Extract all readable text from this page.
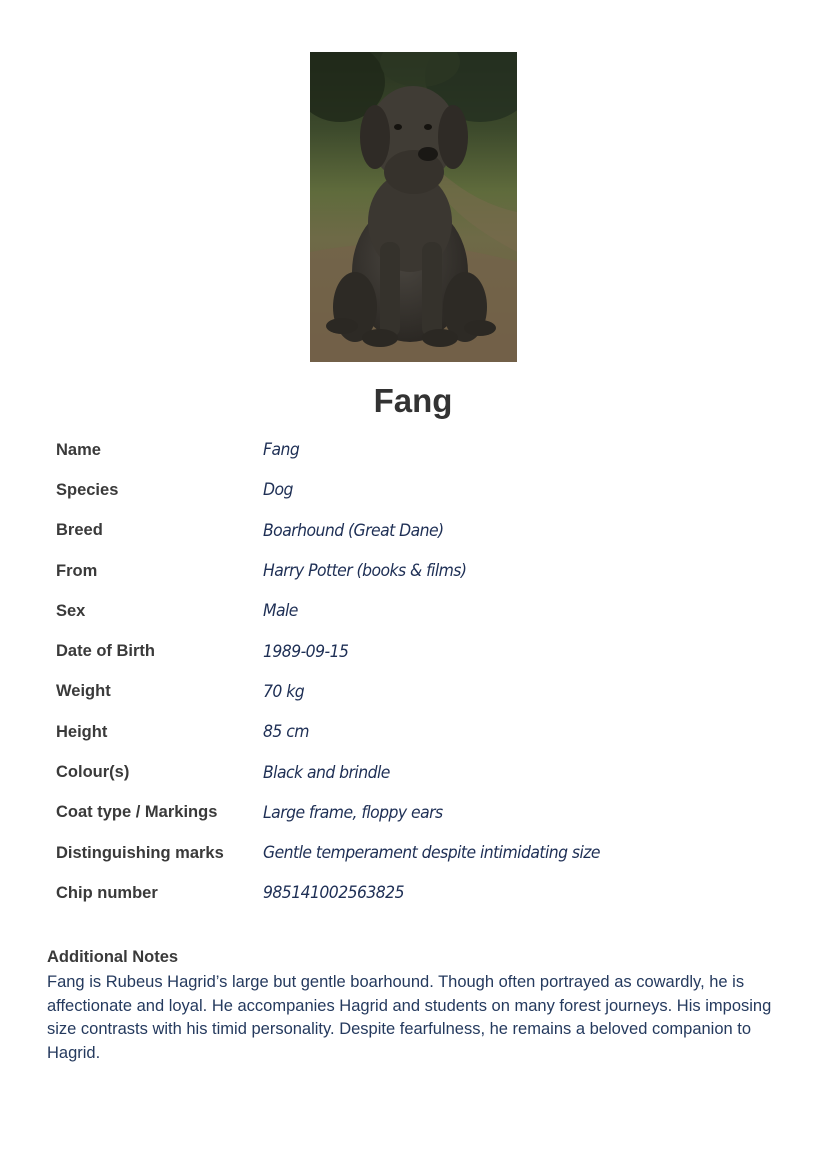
Fang
Name	Fang
Species	Dog
Breed	Boarhound (Great Dane)
From	Harry Potter (books & films)
Sex	Male
Date of Birth	1989-09-15
Weight	70 kg
Height	85 cm
Colour(s)	Black and brindle
Coat type / Markings	Large frame, floppy ears
Distinguishing marks	Gentle temperament despite intimidating size
Chip number	985141002563825
Additional Notes

Fang is Rubeus Hagrid’s large but gentle boarhound. Though often portrayed as cowardly, he is affectionate and loyal. He accompanies Hagrid and students on many forest journeys. His imposing size contrasts with his timid personality. Despite fearfulness, he remains a beloved companion to Hagrid.
